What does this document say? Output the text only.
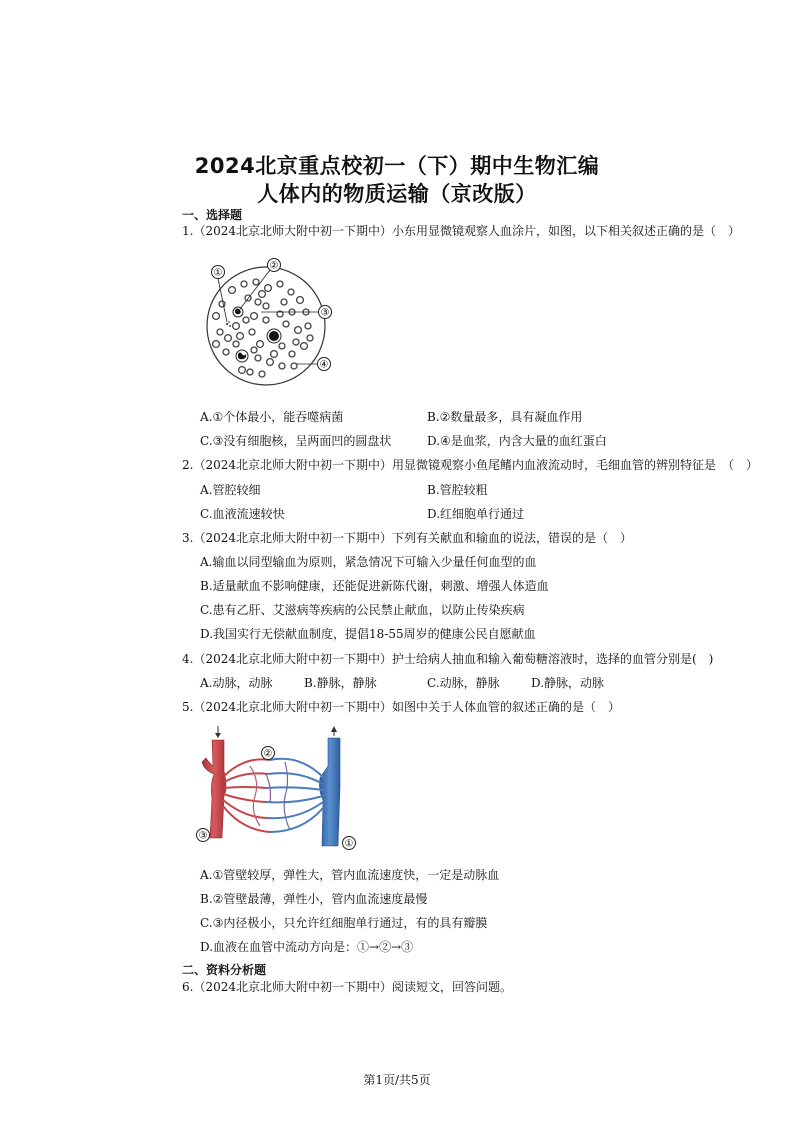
2024北京重点校初一（下）期中生物汇编
人体内的物质运输（京改版）
一、选择题
1.（2024北京北师大附中初一下期中）小东用显微镜观察人血涂片，如图，以下相关叙述正确的是（　）
①
②
③
④
A.①个体最小，能吞噬病菌	B.②数量最多，具有凝血作用
C.③没有细胞核，呈两面凹的圆盘状	D.④是血浆，内含大量的血红蛋白
2.（2024北京北师大附中初一下期中）用显微镜观察小鱼尾鳍内血液流动时，毛细血管的辨别特征是　（　）
A.管腔较细	B.管腔较粗
C.血液流速较快	D.红细胞单行通过
3.（2024北京北师大附中初一下期中）下列有关献血和输血的说法，错误的是（　）
A.输血以同型输血为原则，紧急情况下可输入少量任何血型的血
B.适量献血不影响健康，还能促进新陈代谢，刺激、增强人体造血
C.患有乙肝、艾滋病等疾病的公民禁止献血，以防止传染疾病
D.我国实行无偿献血制度，提倡18-55周岁的健康公民自愿献血
4.（2024北京北师大附中初一下期中）护士给病人抽血和输入葡萄糖溶液时，选择的血管分别是(　)
A.动脉，动脉	B.静脉，静脉	C.动脉，静脉	D.静脉，动脉
5.（2024北京北师大附中初一下期中）如图中关于人体血管的叙述正确的是（　）
②
③
①
A.①管壁较厚，弹性大，管内血流速度快，一定是动脉血
B.②管壁最薄，弹性小，管内血流速度最慢
C.③内径极小，只允许红细胞单行通过，有的具有瓣膜
D.血液在血管中流动方向是：①→②→③
二、资料分析题
6.（2024北京北师大附中初一下期中）阅读短文，回答问题。
第1页/共5页
